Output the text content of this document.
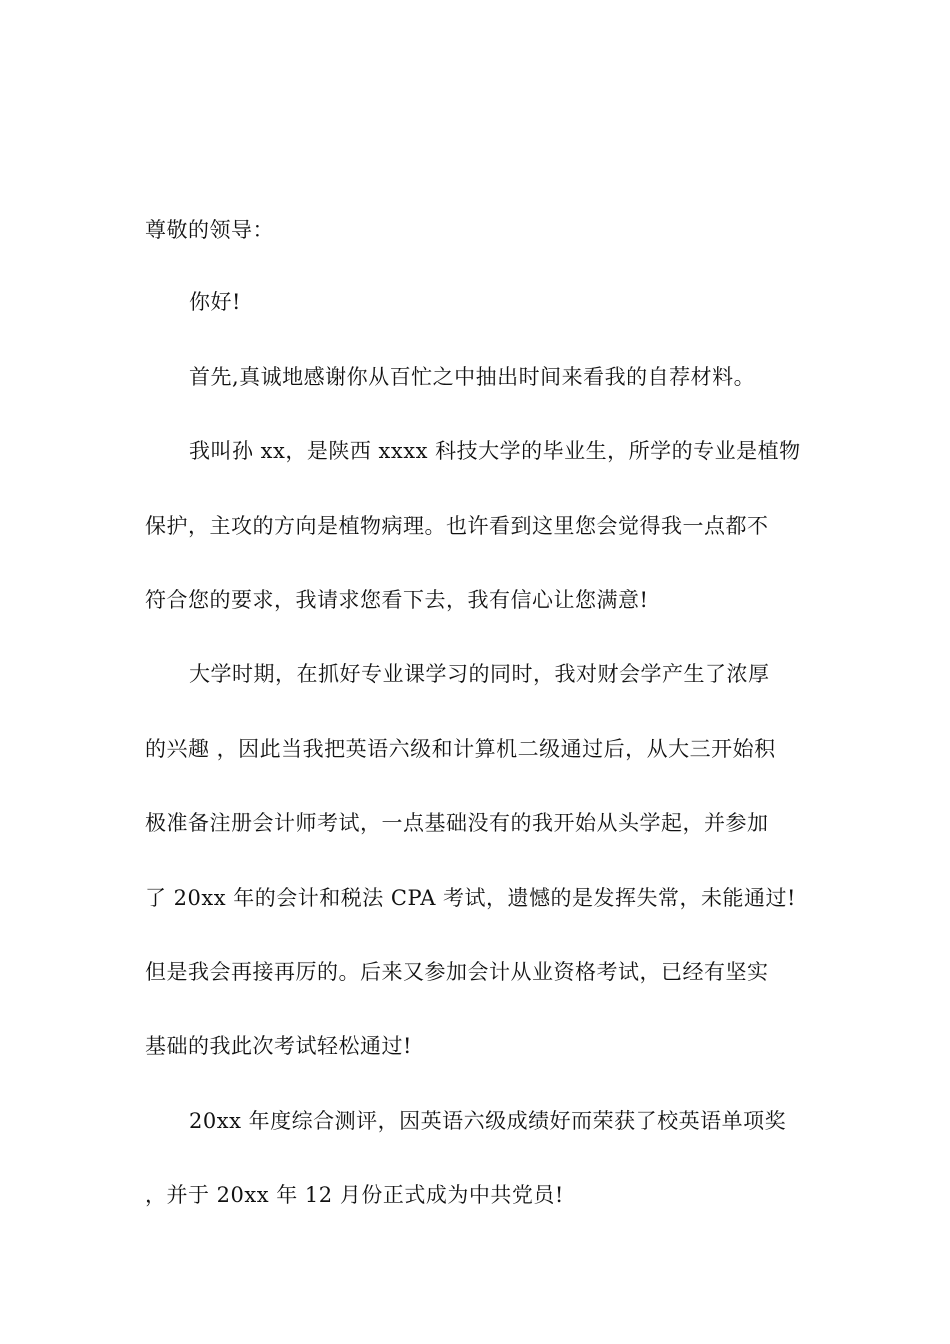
尊敬的领导：
你好!
首先,真诚地感谢你从百忙之中抽出时间来看我的自荐材料。
我叫孙 xx，是陕西 xxxx 科技大学的毕业生，所学的专业是植物
保护，主攻的方向是植物病理。也许看到这里您会觉得我一点都不
符合您的要求，我请求您看下去，我有信心让您满意!
大学时期，在抓好专业课学习的同时，我对财会学产生了浓厚
的兴趣 ，因此当我把英语六级和计算机二级通过后，从大三开始积
极准备注册会计师考试，一点基础没有的我开始从头学起，并参加
了 20xx 年的会计和税法 CPA 考试，遗憾的是发挥失常，未能通过!
但是我会再接再厉的。后来又参加会计从业资格考试，已经有坚实
基础的我此次考试轻松通过!
20xx 年度综合测评，因英语六级成绩好而荣获了校英语单项奖
，并于 20xx 年 12 月份正式成为中共党员!
